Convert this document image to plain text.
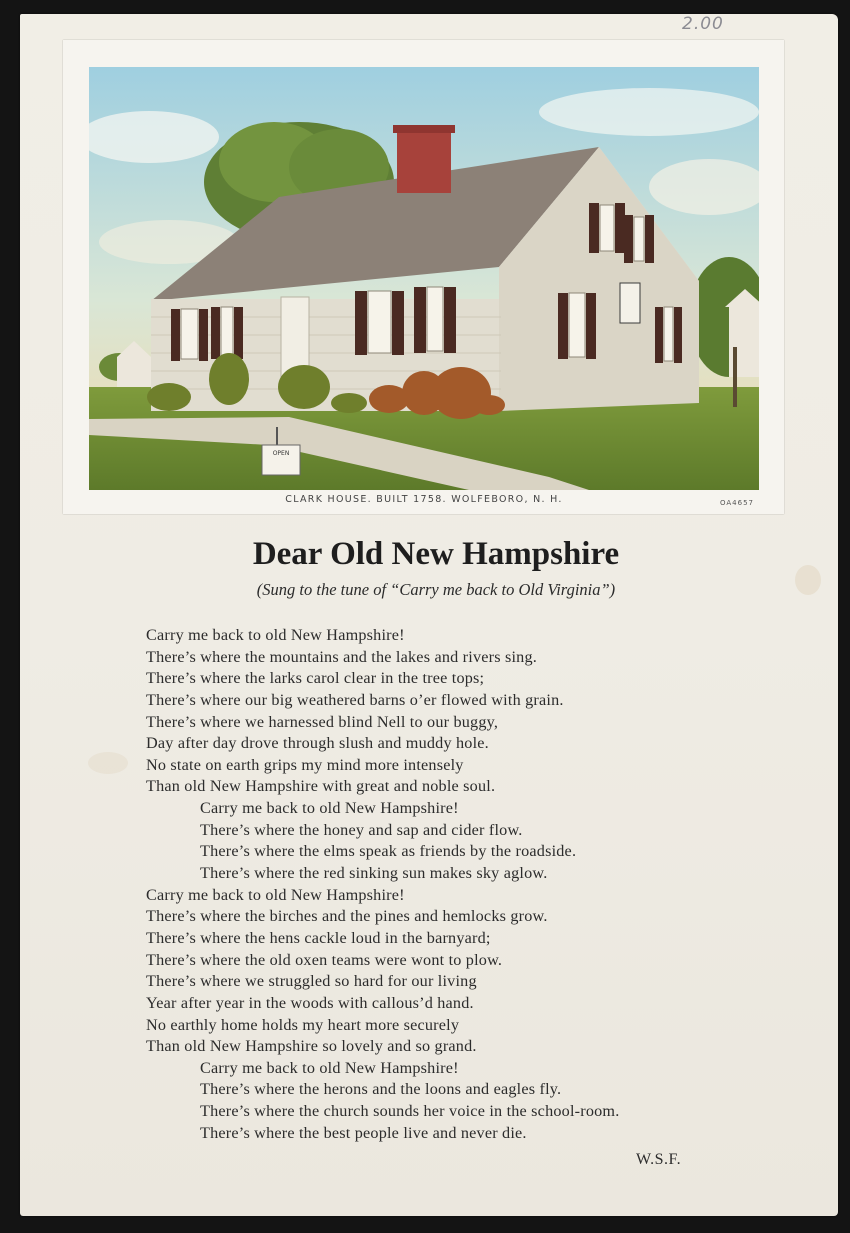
2.00
OPEN
CLARK HOUSE. BUILT 1758. WOLFEBORO, N. H.	OA4657
Dear Old New Hampshire
(Sung to the tune of “Carry me back to Old Virginia”)
Carry me back to old New Hampshire!
There’s where the mountains and the lakes and rivers sing.
There’s where the larks carol clear in the tree tops;
There’s where our big weathered barns o’er flowed with grain.
There’s where we harnessed blind Nell to our buggy,
Day after day drove through slush and muddy hole.
No state on earth grips my mind more intensely
Than old New Hampshire with great and noble soul.
Carry me back to old New Hampshire!
There’s where the honey and sap and cider flow.
There’s where the elms speak as friends by the roadside.
There’s where the red sinking sun makes sky aglow.
Carry me back to old New Hampshire!
There’s where the birches and the pines and hemlocks grow.
There’s where the hens cackle loud in the barnyard;
There’s where the old oxen teams were wont to plow.
There’s where we struggled so hard for our living
Year after year in the woods with callous’d hand.
No earthly home holds my heart more securely
Than old New Hampshire so lovely and so grand.
Carry me back to old New Hampshire!
There’s where the herons and the loons and eagles fly.
There’s where the church sounds her voice in the school-room.
There’s where the best people live and never die.
W.S.F.
